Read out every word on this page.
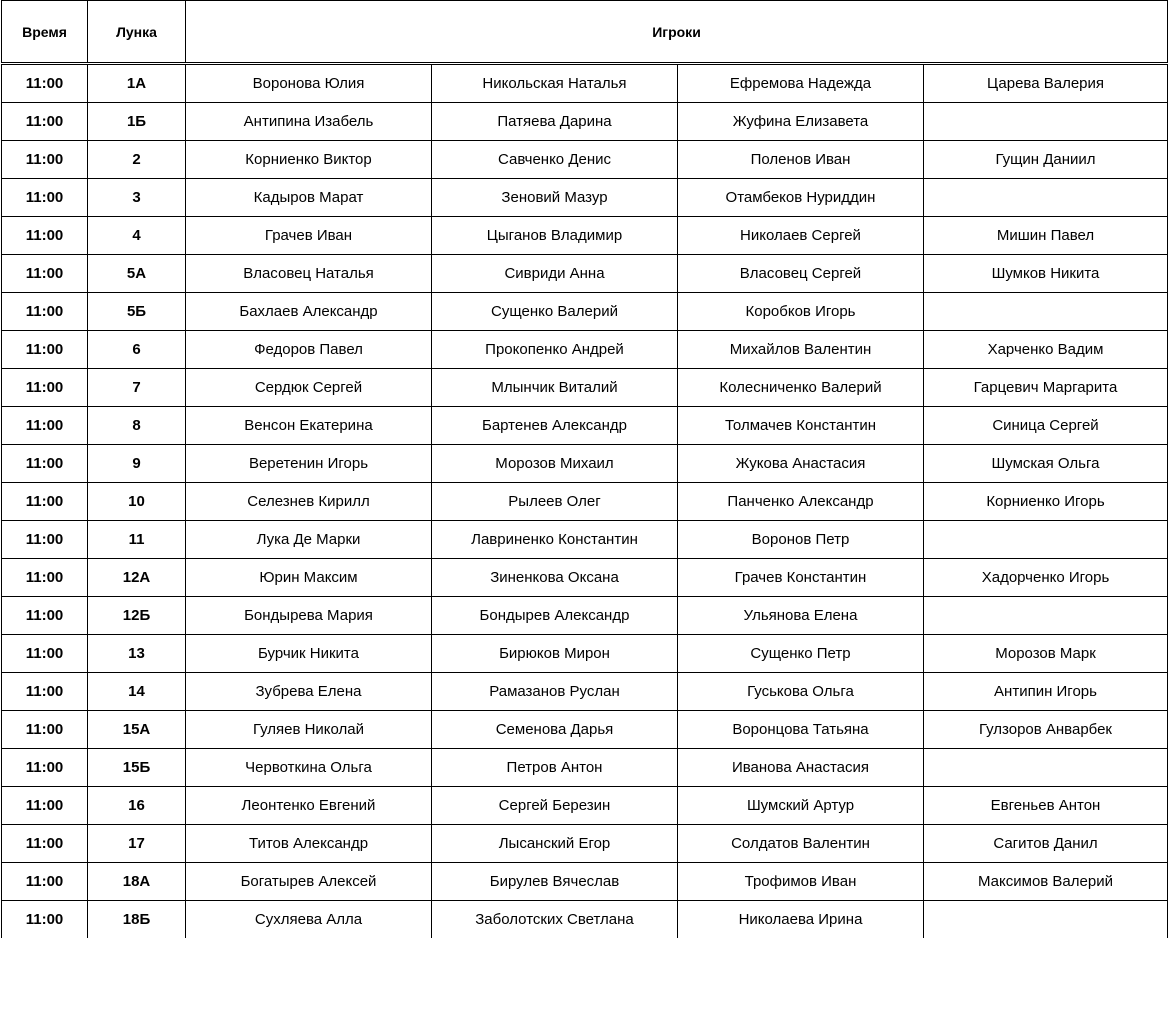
Время	Лунка	Игроки			
11:00	1А	Воронова Юлия	Никольская Наталья	Ефремова Надежда	Царева Валерия
11:00	1Б	Антипина Изабель	Патяева Дарина	Жуфина Елизавета	
11:00	2	Корниенко Виктор	Савченко Денис	Поленов Иван	Гущин Даниил
11:00	3	Кадыров Марат	Зеновий Мазур	Отамбеков Нуриддин	
11:00	4	Грачев Иван	Цыганов Владимир	Николаев Сергей	Мишин Павел
11:00	5А	Власовец Наталья	Сивриди Анна	Власовец Сергей	Шумков Никита
11:00	5Б	Бахлаев Александр	Сущенко Валерий	Коробков Игорь	
11:00	6	Федоров Павел	Прокопенко Андрей	Михайлов Валентин	Харченко Вадим
11:00	7	Сердюк Сергей	Млынчик Виталий	Колесниченко Валерий	Гарцевич Маргарита
11:00	8	Венсон Екатерина	Бартенев Александр	Толмачев Константин	Синица Сергей
11:00	9	Веретенин Игорь	Морозов Михаил	Жукова Анастасия	Шумская Ольга
11:00	10	Селезнев Кирилл	Рылеев Олег	Панченко Александр	Корниенко Игорь
11:00	11	Лука Де Марки	Лавриненко Константин	Воронов Петр	
11:00	12А	Юрин Максим	Зиненкова Оксана	Грачев Константин	Хадорченко Игорь
11:00	12Б	Бондырева Мария	Бондырев Александр	Ульянова Елена	
11:00	13	Бурчик Никита	Бирюков Мирон	Сущенко Петр	Морозов Марк
11:00	14	Зубрева Елена	Рамазанов Руслан	Гуськова Ольга	Антипин Игорь
11:00	15А	Гуляев Николай	Семенова Дарья	Воронцова Татьяна	Гулзоров Анварбек
11:00	15Б	Червоткина Ольга	Петров Антон	Иванова Анастасия	
11:00	16	Леонтенко Евгений	Сергей Березин	Шумский Артур	Евгеньев Антон
11:00	17	Титов Александр	Лысанский Егор	Солдатов Валентин	Сагитов Данил
11:00	18А	Богатырев Алексей	Бирулев Вячеслав	Трофимов Иван	Максимов Валерий
11:00	18Б	Сухляева Алла	Заболотских Светлана	Николаева Ирина	
